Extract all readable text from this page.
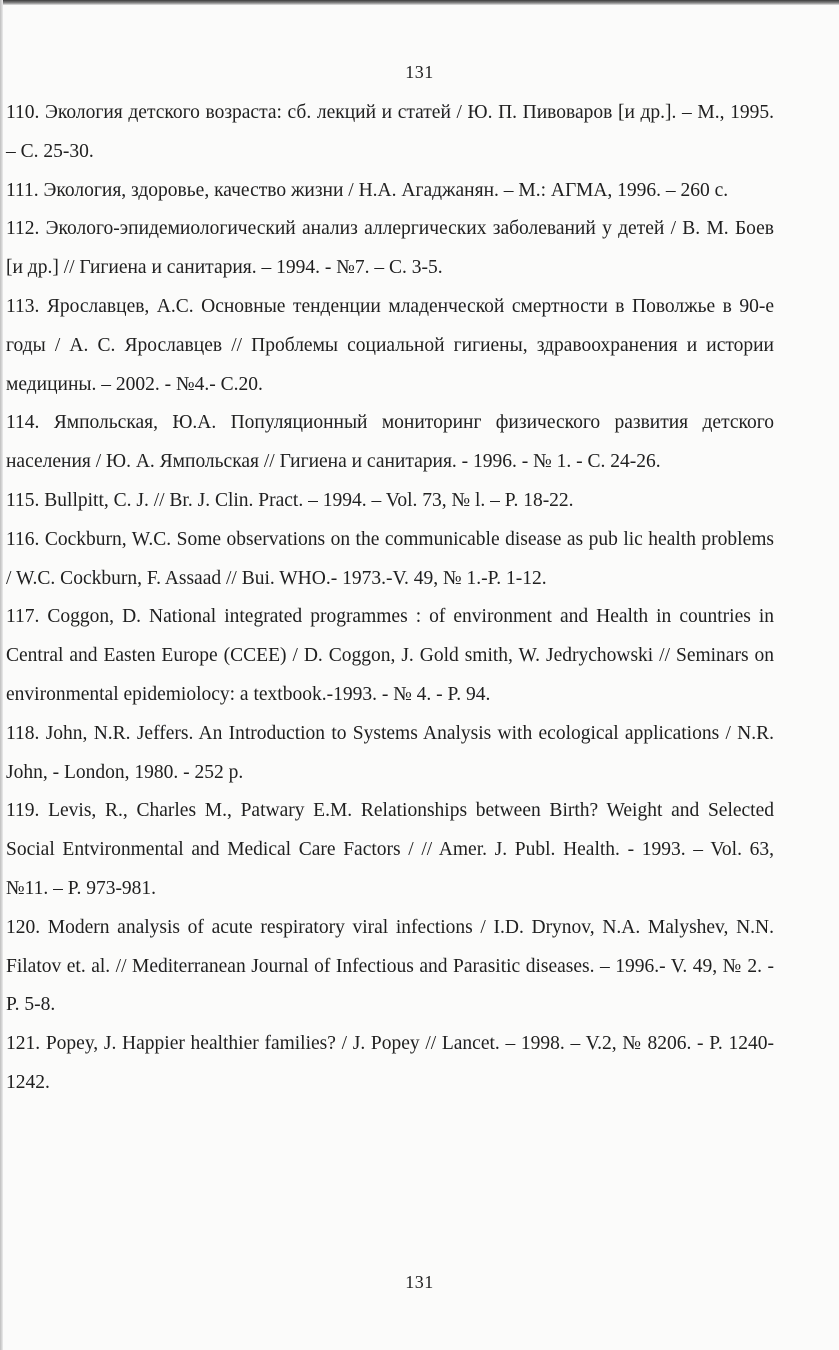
131

110. Экология детского возраста: сб. лекций и статей / Ю. П. Пивоваров [и др.]. – М., 1995. – С. 25-30.

111. Экология, здоровье, качество жизни / Н.А. Агаджанян. – М.: АГМА, 1996. – 260 с.

112. Эколого-эпидемиологический анализ аллергических заболеваний у детей / В. М. Боев [и др.] // Гигиена и санитария. – 1994. - №7. – С. 3-5.

113. Ярославцев, А.С. Основные тенденции младенческой смертности в Поволжье в 90-е годы / А. С. Ярославцев // Проблемы социальной гигиены, здравоохранения и истории медицины. – 2002. - №4.- С.20.

114. Ямпольская, Ю.А. Популяционный мониторинг физического развития детского населения / Ю. А. Ямпольская // Гигиена и санитария. - 1996. - № 1. - С. 24-26.

115. Bullpitt, C. J. // Br. J. Clin. Pract. – 1994. – Vol. 73, № l. – P. 18-22.

116. Cockburn, W.C. Some observations on the communicable disease as pub lic health problems / W.C. Cockburn, F. Assaad // Bui. WHO.- 1973.-V. 49, № 1.-P. 1-12.

117. Coggon, D. National integrated programmes : of environment and Health in countries in Central and Easten Europe (CCEE) / D. Coggon, J. Gold smith, W. Jedrychowski // Seminars on environmental epidemiolocy: a textbook.-1993. - № 4. - P. 94.

118. John, N.R. Jeffers. An Introduction to Systems Analysis with ecological applications / N.R. John, - London, 1980. - 252 p.

119. Levis, R., Charles M., Patwary E.M. Relationships between Birth? Weight and Selected Social Entvironmental and Medical Care Factors / // Amer. J. Publ. Health. - 1993. – Vol. 63, №11. – P. 973-981.

120. Modern analysis of acute respiratory viral infections / I.D. Drynov, N.A. Malyshev, N.N. Filatov et. al. // Mediterranean Journal of Infectious and Parasitic diseases. – 1996.- V. 49, № 2. - P. 5-8.

121. Popey, J. Happier healthier families? / J. Popey // Lancet. – 1998. – V.2, № 8206. - P. 1240-1242.

131
